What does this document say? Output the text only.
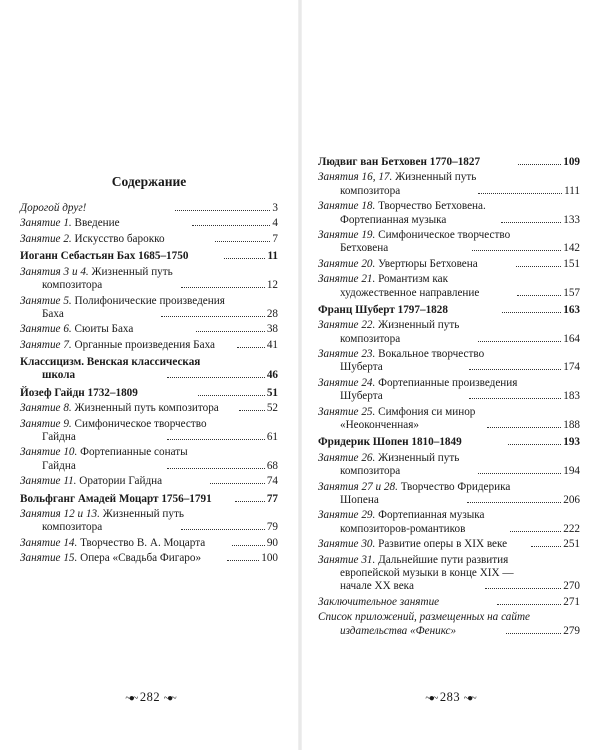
Содержание
Дорогой друг!	3
Занятие 1. Введение	4
Занятие 2. Искусство барокко	7
Иоганн Себастьян Бах 1685–1750	11
Занятия 3 и 4. Жизненный путь
композитора	12
Занятие 5. Полифонические произведения
Баха	28
Занятие 6. Сюиты Баха	38
Занятие 7. Органные произведения Баха	41
Классицизм. Венская классическая
школа	46
Йозеф Гайдн 1732–1809	51
Занятие 8. Жизненный путь композитора	52
Занятие 9. Симфоническое творчество
Гайдна	61
Занятие 10. Фортепианные сонаты
Гайдна	68
Занятие 11. Оратории Гайдна	74
Вольфганг Амадей Моцарт 1756–1791	77
Занятия 12 и 13. Жизненный путь
композитора	79
Занятие 14. Творчество В. А. Моцарта	90
Занятие 15. Опера «Свадьба Фигаро»	100
~●~ 282 ~●~
Людвиг ван Бетховен 1770–1827	109
Занятия 16, 17. Жизненный путь
композитора	111
Занятие 18. Творчество Бетховена.
Фортепианная музыка	133
Занятие 19. Симфоническое творчество
Бетховена	142
Занятие 20. Увертюры Бетховена	151
Занятие 21. Романтизм как
художественное направление	157
Франц Шуберт 1797–1828	163
Занятие 22. Жизненный путь
композитора	164
Занятие 23. Вокальное творчество
Шуберта	174
Занятие 24. Фортепианные произведения
Шуберта	183
Занятие 25. Симфония си минор
«Неоконченная»	188
Фридерик Шопен 1810–1849	193
Занятие 26. Жизненный путь
композитора	194
Занятия 27 и 28. Творчество Фридерика
Шопена	206
Занятие 29. Фортепианная музыка
композиторов-романтиков	222
Занятие 30. Развитие оперы в XIX веке	251
Занятие 31. Дальнейшие пути развития
европейской музыки в конце XIX —
начале XX века	270
Заключительное занятие	271
Список приложений, размещенных на сайте
издательства «Феникс»	279
~●~ 283 ~●~
